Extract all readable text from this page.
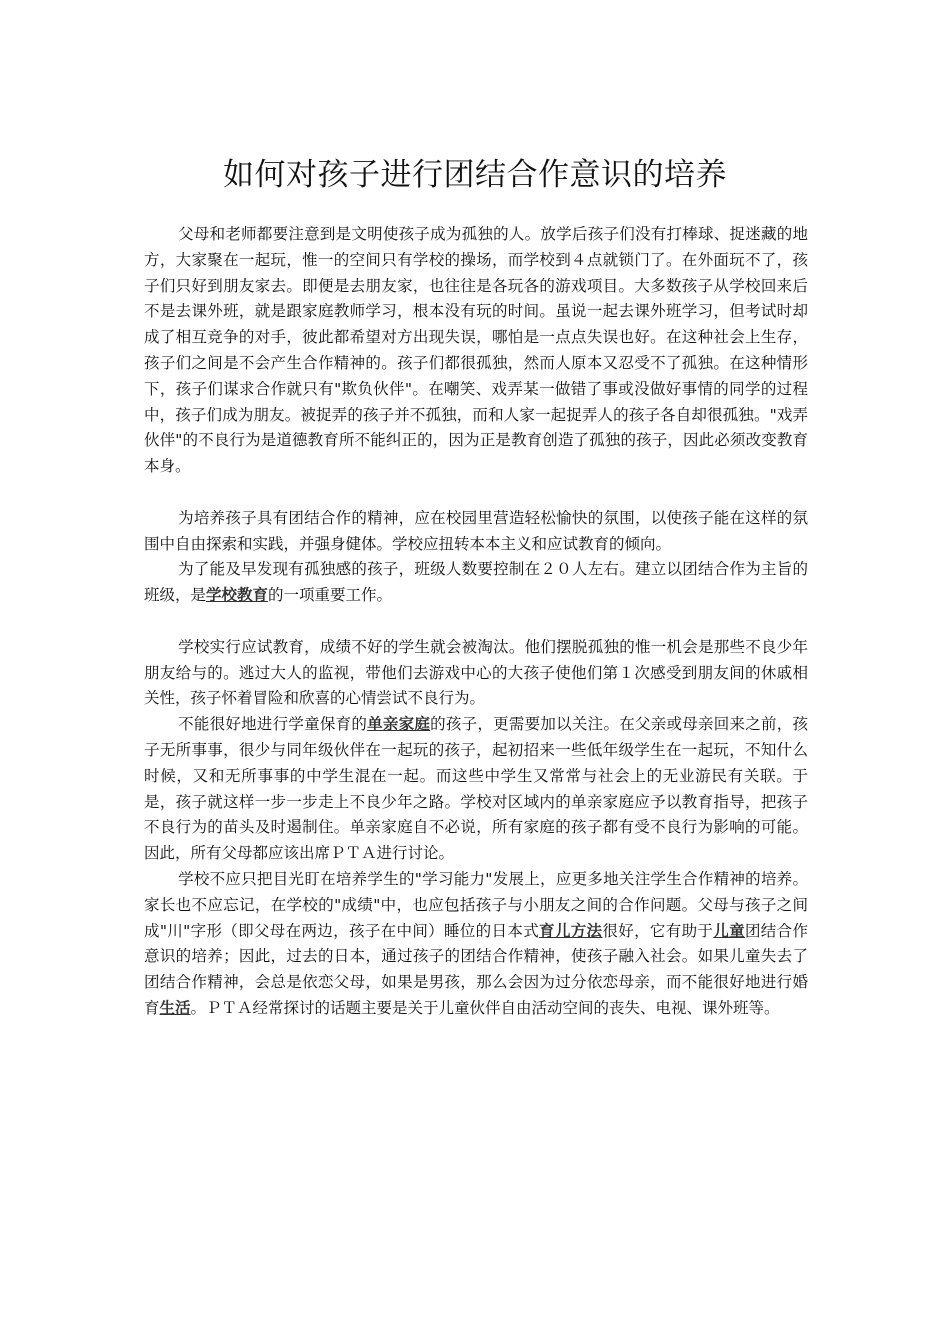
如何对孩子进行团结合作意识的培养

父母和老师都要注意到是文明使孩子成为孤独的人。放学后孩子们没有打棒球、捉迷藏的地方，大家聚在一起玩，惟一的空间只有学校的操场，而学校到４点就锁门了。在外面玩不了，孩子们只好到朋友家去。即便是去朋友家，也往往是各玩各的游戏项目。大多数孩子从学校回来后不是去课外班，就是跟家庭教师学习，根本没有玩的时间。虽说一起去课外班学习，但考试时却成了相互竞争的对手，彼此都希望对方出现失误，哪怕是一点点失误也好。在这种社会上生存，孩子们之间是不会产生合作精神的。孩子们都很孤独，然而人原本又忍受不了孤独。在这种情形下，孩子们谋求合作就只有"欺负伙伴"。在嘲笑、戏弄某一做错了事或没做好事情的同学的过程中，孩子们成为朋友。被捉弄的孩子并不孤独，而和人家一起捉弄人的孩子各自却很孤独。"戏弄伙伴"的不良行为是道德教育所不能纠正的，因为正是教育创造了孤独的孩子，因此必须改变教育本身。

为培养孩子具有团结合作的精神，应在校园里营造轻松愉快的氛围，以使孩子能在这样的氛围中自由探索和实践，并强身健体。学校应扭转本本主义和应试教育的倾向。

为了能及早发现有孤独感的孩子，班级人数要控制在２０人左右。建立以团结合作为主旨的班级，是学校教育的一项重要工作。

学校实行应试教育，成绩不好的学生就会被淘汰。他们摆脱孤独的惟一机会是那些不良少年朋友给与的。逃过大人的监视，带他们去游戏中心的大孩子使他们第１次感受到朋友间的休戚相关性，孩子怀着冒险和欣喜的心情尝试不良行为。

不能很好地进行学童保育的单亲家庭的孩子，更需要加以关注。在父亲或母亲回来之前，孩子无所事事，很少与同年级伙伴在一起玩的孩子，起初招来一些低年级学生在一起玩，不知什么时候，又和无所事事的中学生混在一起。而这些中学生又常常与社会上的无业游民有关联。于是，孩子就这样一步一步走上不良少年之路。学校对区域内的单亲家庭应予以教育指导，把孩子不良行为的苗头及时遏制住。单亲家庭自不必说，所有家庭的孩子都有受不良行为影响的可能。因此，所有父母都应该出席ＰＴＡ进行讨论。

学校不应只把目光盯在培养学生的"学习能力"发展上，应更多地关注学生合作精神的培养。家长也不应忘记，在学校的"成绩"中，也应包括孩子与小朋友之间的合作问题。父母与孩子之间成"川"字形（即父母在两边，孩子在中间）睡位的日本式育儿方法很好，它有助于儿童团结合作意识的培养；因此，过去的日本，通过孩子的团结合作精神，使孩子融入社会。如果儿童失去了团结合作精神，会总是依恋父母，如果是男孩，那么会因为过分依恋母亲，而不能很好地进行婚育生活。ＰＴＡ经常探讨的话题主要是关于儿童伙伴自由活动空间的丧失、电视、课外班等。
